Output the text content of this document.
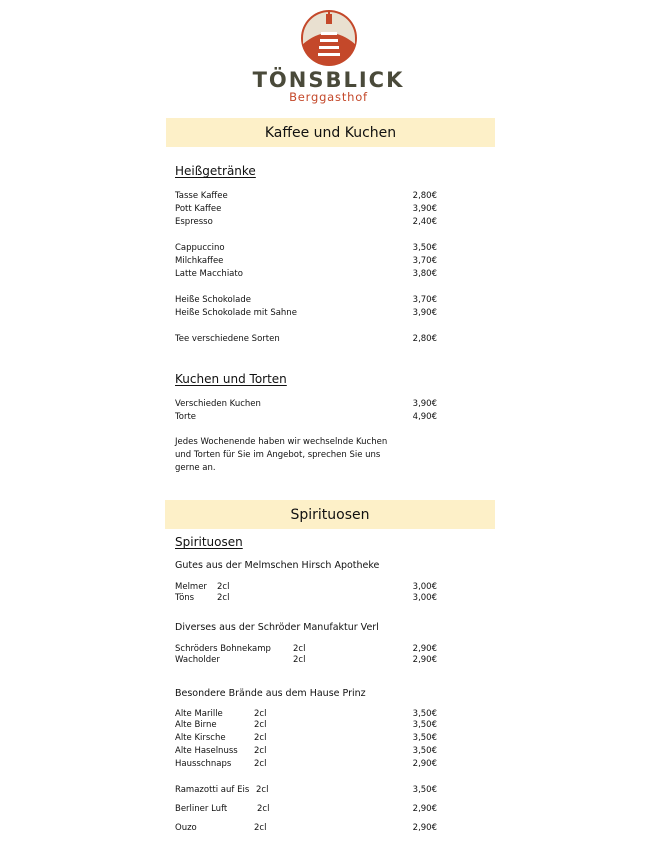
TÖNSBLICK
Berggasthof
Kaffee und Kuchen
Heißgetränke
Tasse Kaffee	2,80€
Pott Kaffee	3,90€
Espresso	2,40€
Cappuccino	3,50€
Milchkaffee	3,70€
Latte Macchiato	3,80€
Heiße Schokolade	3,70€
Heiße Schokolade mit Sahne	3,90€
Tee verschiedene Sorten	2,80€
Kuchen und Torten
Verschieden Kuchen	3,90€
Torte	4,90€
Jedes Wochenende haben wir wechselnde Kuchen und Torten für Sie im Angebot, sprechen Sie uns gerne an.
Spirituosen
Spirituosen
Gutes aus der Melmschen Hirsch Apotheke
Melmer 2cl	3,00€
Töns	2cl	3,00€
Diverses aus der Schröder Manufaktur Verl
Schröders Bohnekamp	2cl	2,90€
Wacholder	2cl	2,90€
Besondere Brände aus dem Hause Prinz
Alte Marille	2cl	3,50€
Alte Birne	2cl	3,50€
Alte Kirsche	2cl	3,50€
Alte Haselnuss 2cl	3,50€
Hausschnaps	2cl	2,90€
Ramazotti auf Eis 2cl	3,50€
Berliner Luft	2cl	2,90€
Ouzo	2cl	2,90€
